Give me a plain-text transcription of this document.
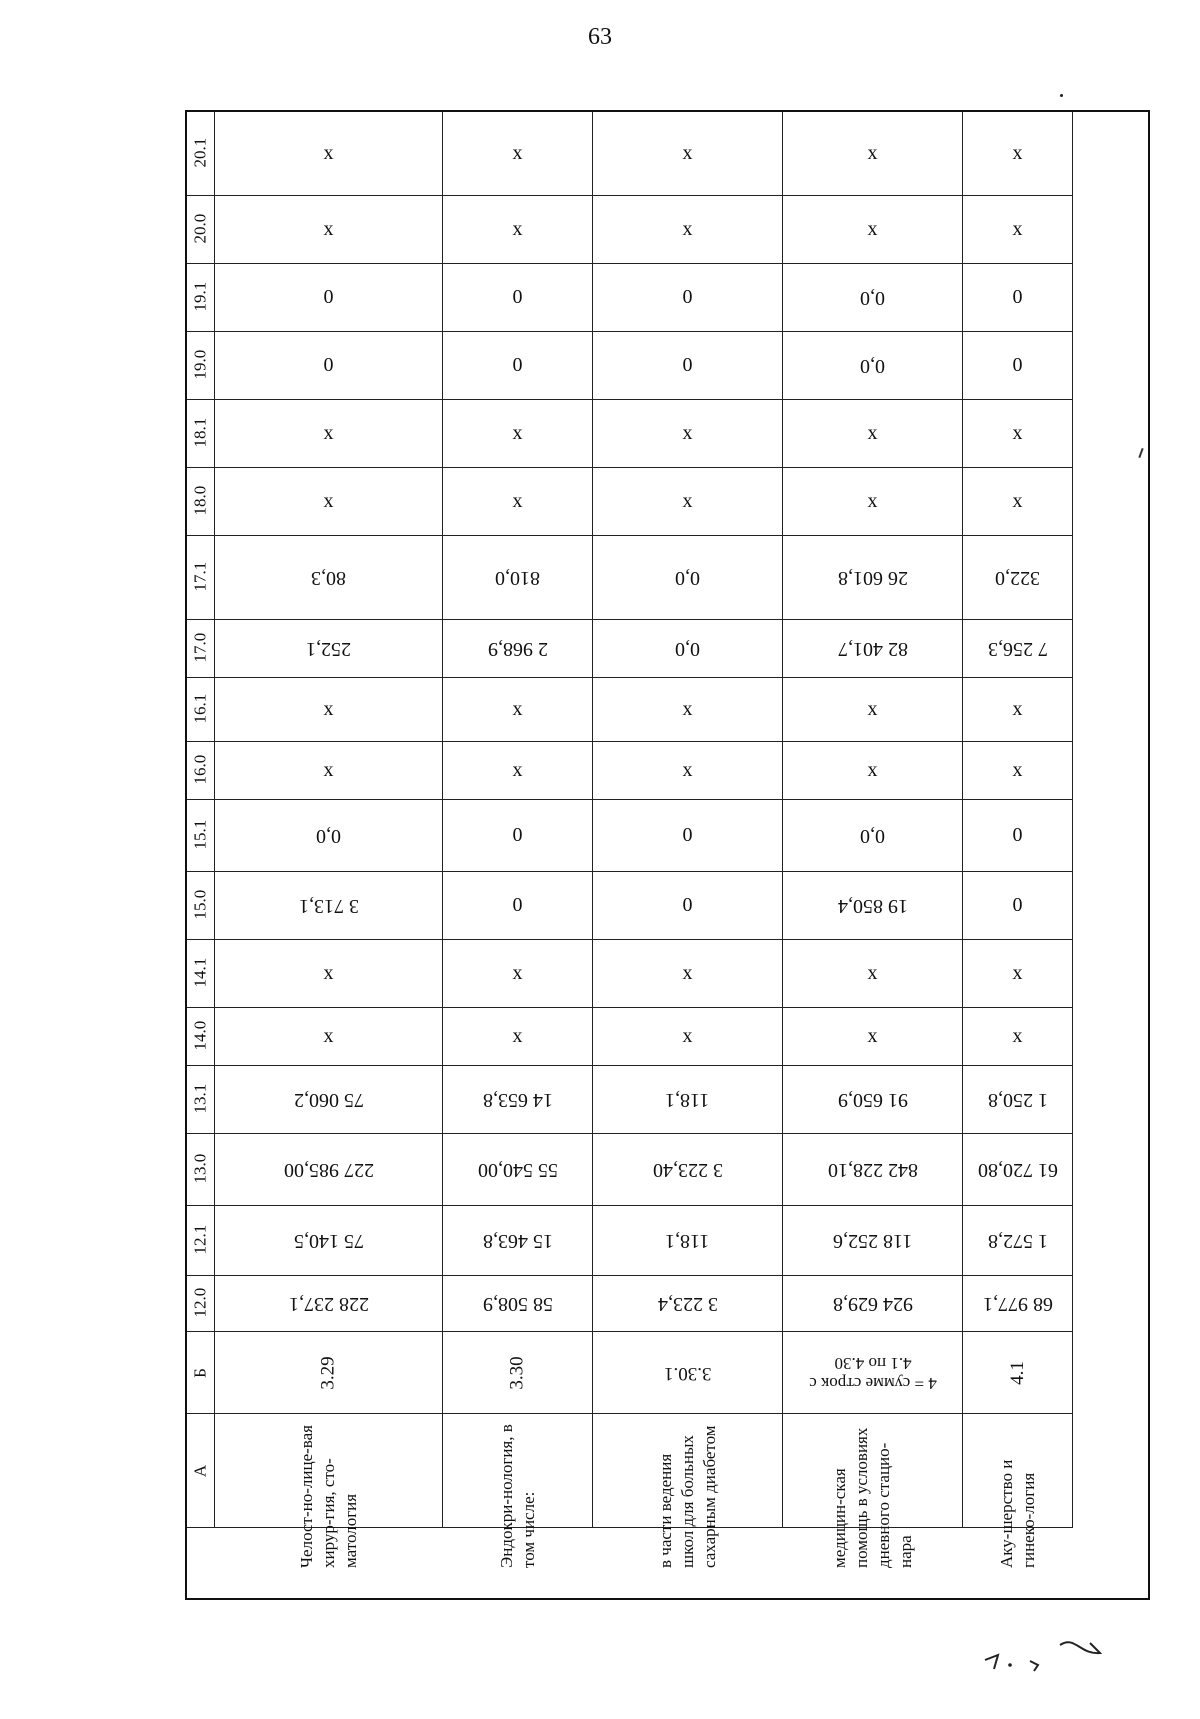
63
20.1	x	x	x	x	x
20.0	x	x	x	x	x
19.1	0	0	0	0,0	0
19.0	0	0	0	0,0	0
18.1	x	x	x	x	x
18.0	x	x	x	x	x
17.1	80,3	810,0	0,0	26 601,8	322,0
17.0	252,1	2 968,9	0,0	82 401,7	7 256,3
16.1	x	x	x	x	x
16.0	x	x	x	x	x
15.1	0,0	0	0	0,0	0
15.0	3 713,1	0	0	19 850,4	0
14.1	x	x	x	x	x
14.0	x	x	x	x	x
13.1	75 060,2	14 653,8	118,1	91 650,9	1 250,8
13.0	227 985,00	55 540,00	3 223,40	842 228,10	61 720,80
12.1	75 140,5	15 463,8	118,1	118 252,6	1 572,8
12.0	228 237,1	58 508,9	3 223,4	924 629,8	68 977,1
Б	3.29	3.30	3.30.1	4 = сумме строк с 4.1 по 4.30	4.1
А	Челост-но-лице-вая хирур-гия, сто-матология	Эндокри-нология, в том числе:	в части ведения школ для больных сахарным диабетом	медицин-ская помощь в условиях дневного стацио-нара	Аку-шерство и гинеко-логия
